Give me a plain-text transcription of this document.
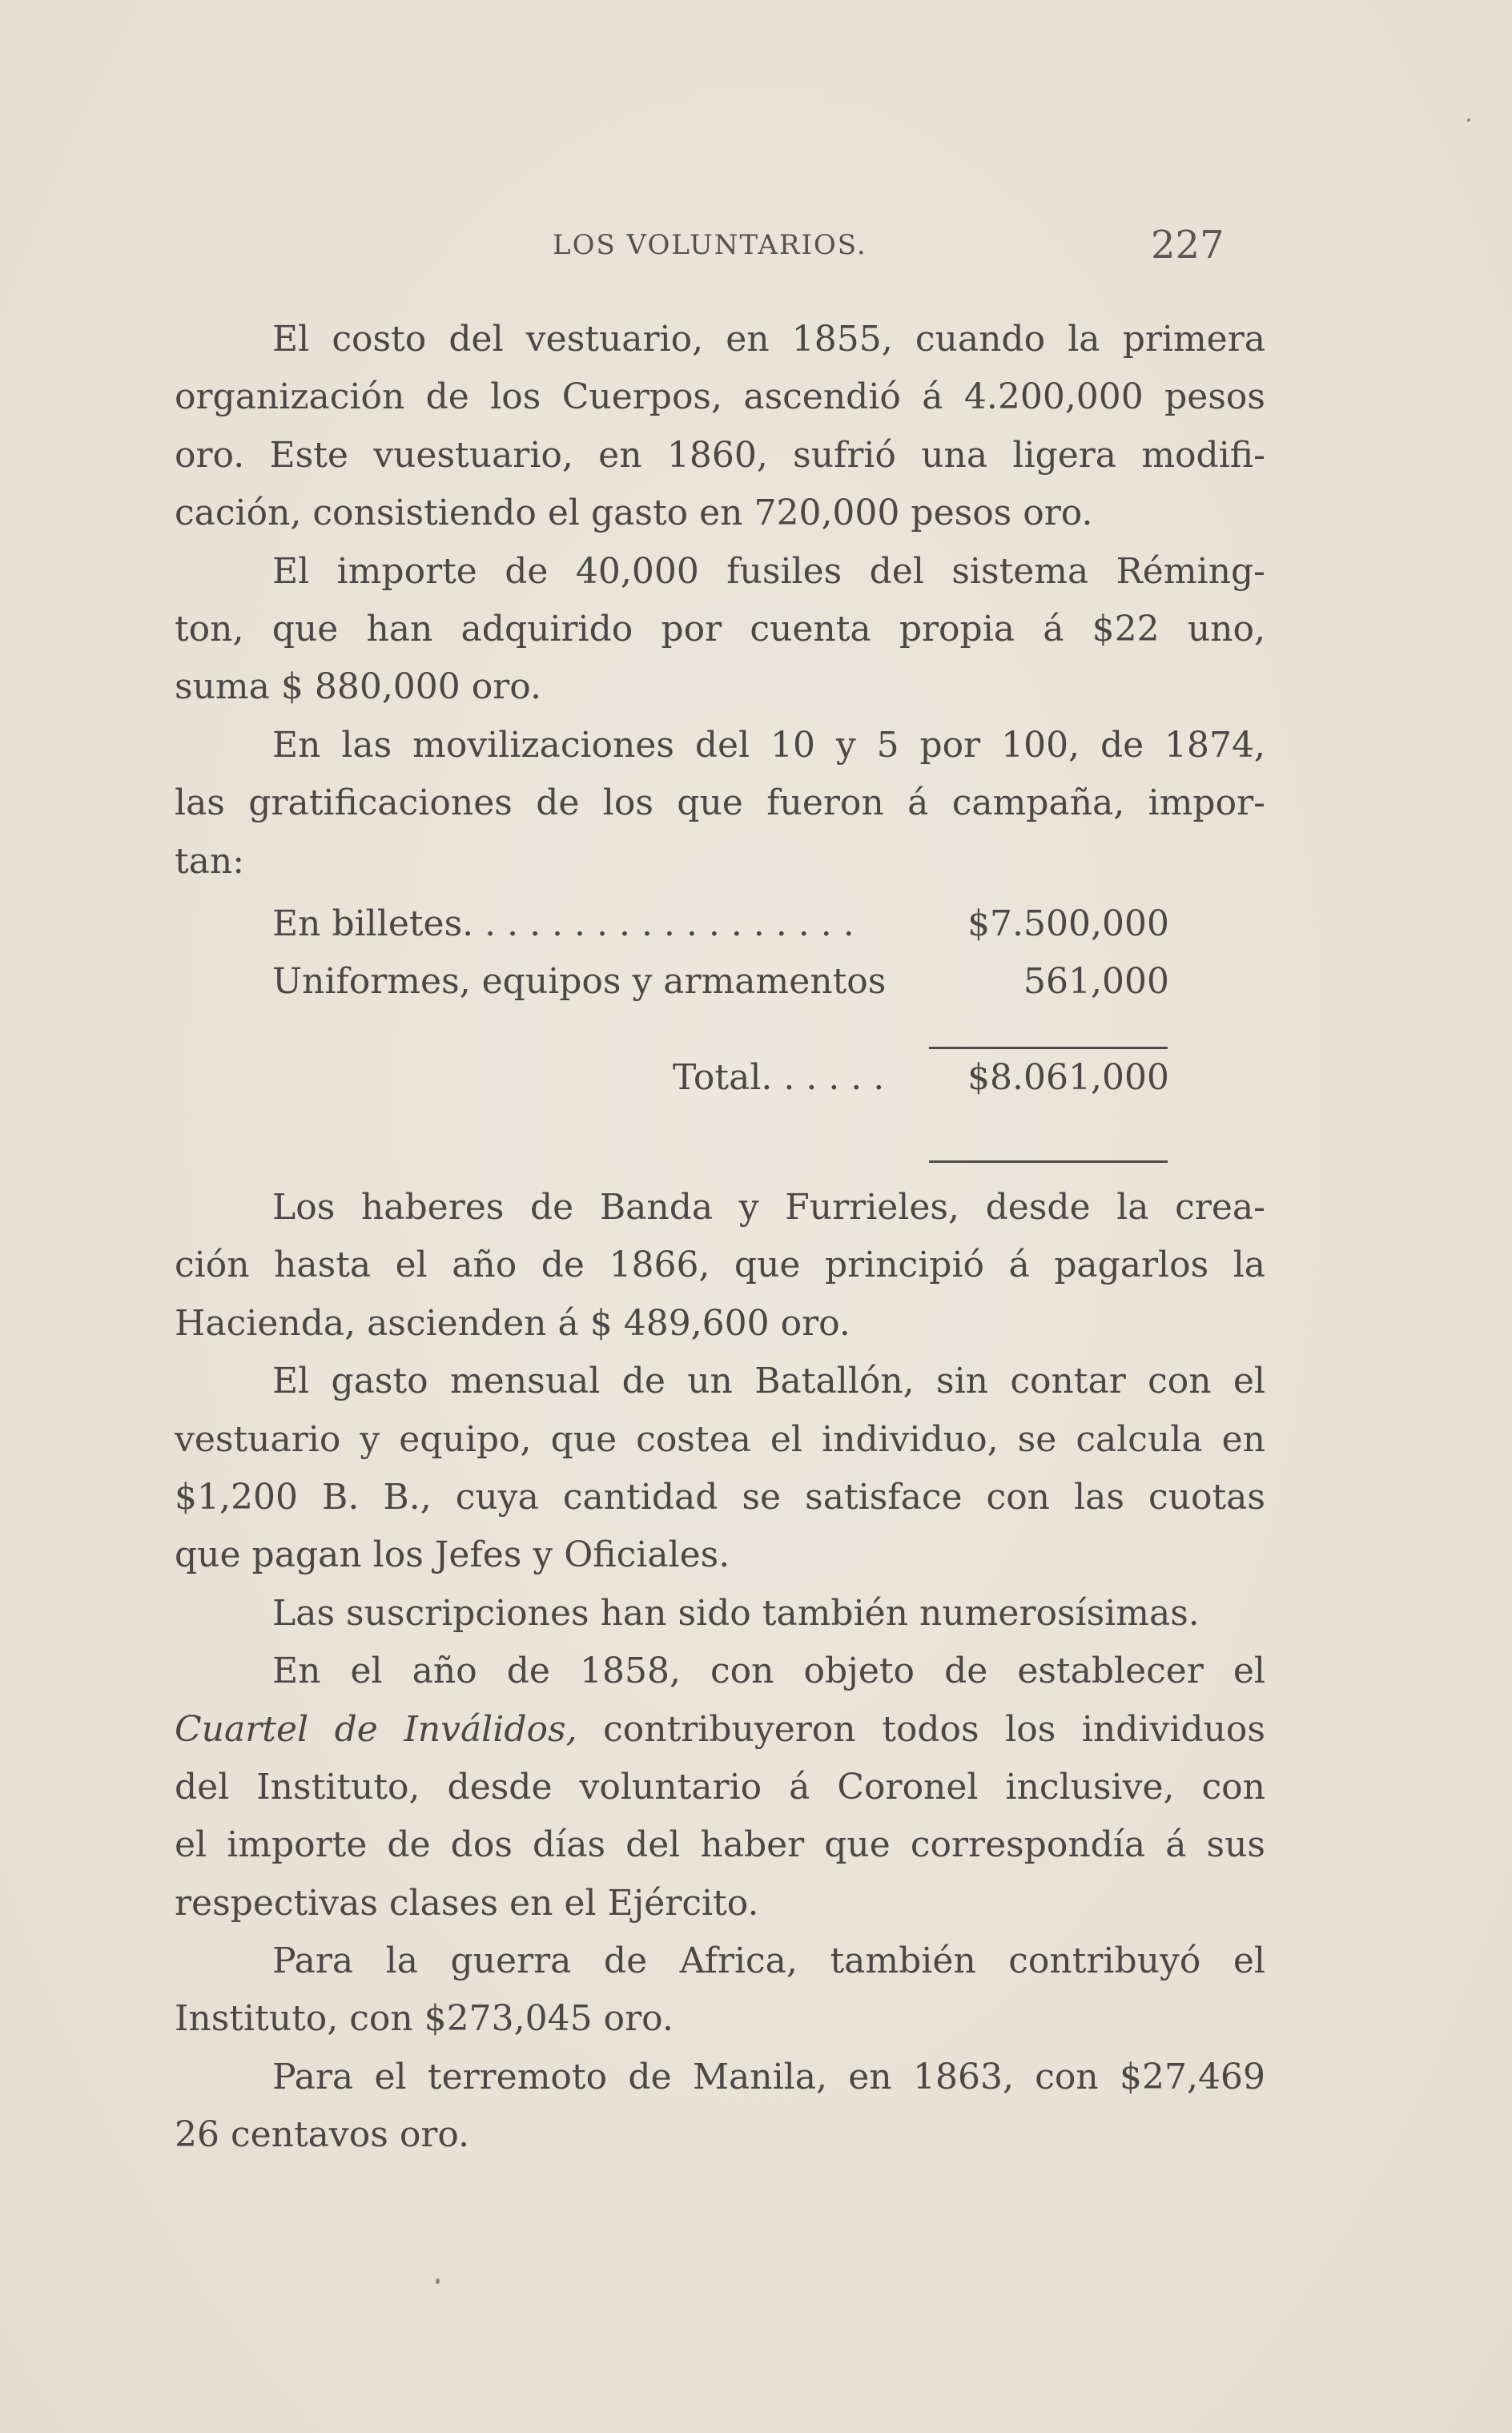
LOS VOLUNTARIOS.	227
El costo del vestuario, en 1855, cuando la primera
organización de los Cuerpos, ascendió á 4.200,000 pesos
oro. Este vuestuario, en 1860, sufrió una ligera modifi-
cación, consistiendo el gasto en 720,000 pesos oro.
El importe de 40,000 fusiles del sistema Réming-
ton, que han adquirido por cuenta propia á $22 uno,
suma $ 880,000 oro.
En las movilizaciones del 10 y 5 por 100, de 1874,
las gratificaciones de los que fueron á campaña, impor-
tan:
En billetes. . . . . . . . . . . . . . . . . .	$7.500,000
Uniformes, equipos y armamentos	561,000
Total. . . . . . $8.061,000
Los haberes de Banda y Furrieles, desde la crea-
ción hasta el año de 1866, que principió á pagarlos la
Hacienda, ascienden á $ 489,600 oro.
El gasto mensual de un Batallón, sin contar con el
vestuario y equipo, que costea el individuo, se calcula en
$1,200 B. B., cuya cantidad se satisface con las cuotas
que pagan los Jefes y Oficiales.
Las suscripciones han sido también numerosísimas.
En el año de 1858, con objeto de establecer el
Cuartel de Inválidos, contribuyeron todos los individuos
del Instituto, desde voluntario á Coronel inclusive, con
el importe de dos días del haber que correspondía á sus
respectivas clases en el Ejército.
Para la guerra de Africa, también contribuyó el
Instituto, con $273,045 oro.
Para el terremoto de Manila, en 1863, con $27,469
26 centavos oro.
